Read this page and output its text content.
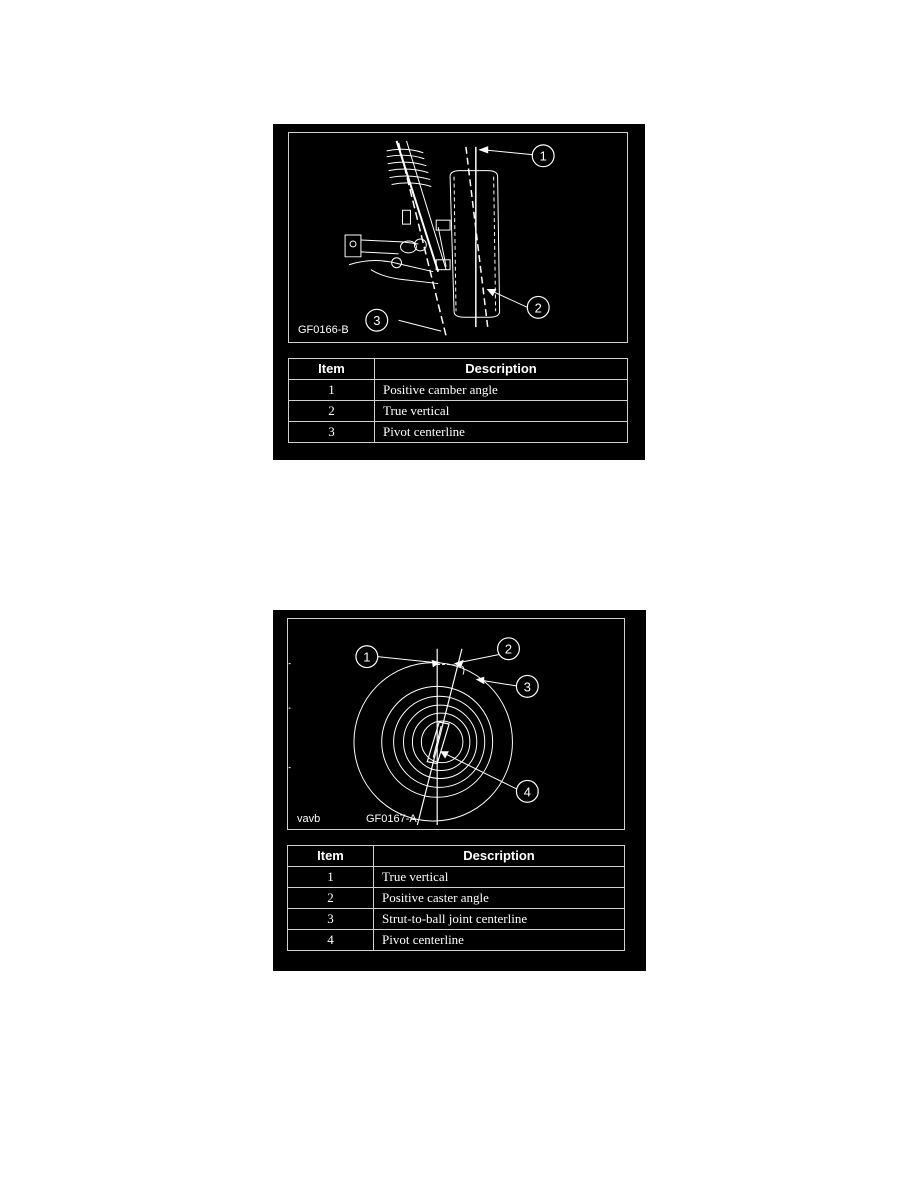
1
2
3
GF0166-B
Item	Description
1	Positive camber angle
2	True vertical
3	Pivot centerline
1
2
3
4
vavb	GF0167-A
Item	Description
1	True vertical
2	Positive caster angle
3	Strut-to-ball joint centerline
4	Pivot centerline
